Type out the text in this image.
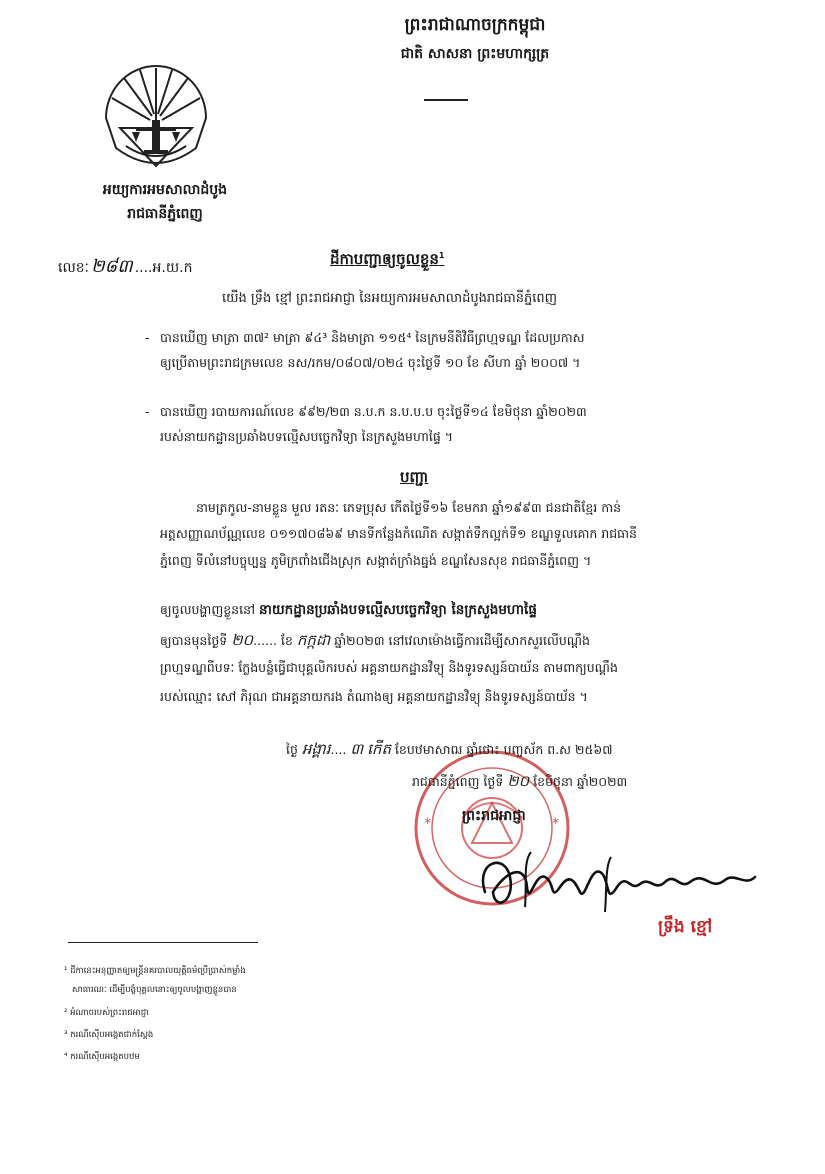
ព្រះរាជាណាចក្រកម្ពុជា
ជាតិ សាសនា ព្រះមហាក្សត្រ
អយ្យការអមសាលាដំបូង
រាជធានីភ្នំពេញ
លេខៈ ២៨៣ ....អ.យ.ក	ដីកាបញ្ជាឲ្យចូលខ្លួន$^1$
យើង ទ្រឹង ខ្មៅ ព្រះរាជអាជ្ញា នៃអយ្យការអមសាលាដំបូងរាជធានីភ្នំពេញ
- បានឃើញ មាត្រា ៣៧² មាត្រា ៩៤³ និងមាត្រា ១១៥⁴ នៃក្រមនីតិវិធីព្រហ្មទណ្ឌ ដែលប្រកាស
ឲ្យប្រើតាមព្រះរាជក្រមលេខ នស/រកម/០៨០៧/០២៤ ចុះថ្ងៃទី ១០ ខែ សីហា ឆ្នាំ ២០០៧ ។
- បានឃើញ របាយការណ៍លេខ ៩៩២/២៣ ន.ប.ក ន.ប.ប.ប ចុះថ្ងៃទី១៤ ខែមិថុនា ឆ្នាំ២០២៣
របស់នាយកដ្ឋានប្រឆាំងបទល្មើសបច្ចេកវិទ្យា នៃក្រសួងមហាផ្ទៃ ។
បញ្ជា
នាមត្រកូល-នាមខ្លួន មួល រតនៈ ភេទប្រុស កើតថ្ងៃទី១៦ ខែមករា ឆ្នាំ១៩៩៣ ជនជាតិខ្មែរ កាន់
អត្តសញ្ញាណប័ណ្ណលេខ ០១១៧០៨៦៩ មានទីកន្លែងកំណើត សង្កាត់ទឹកល្អក់ទី១ ខណ្ឌទួលគោក រាជធានី
ភ្នំពេញ ទីលំនៅបច្ចុប្បន្ន ភូមិក្រពាំងជើងស្រុក សង្កាត់ក្រាំងធ្នង់ ខណ្ឌសែនសុខ រាជធានីភ្នំពេញ ។
ឲ្យចូលបង្ហាញខ្លួននៅ នាយកដ្ឋានប្រឆាំងបទល្មើសបច្ចេកវិទ្យា នៃក្រសួងមហាផ្ទៃ
ឲ្យបានមុនថ្ងៃទី ២០...... ខែ កក្កដា ឆ្នាំ២០២៣ នៅវេលាម៉ោងធ្វើការដើម្បីសាកសួរលើបណ្ដឹង
ព្រហ្មទណ្ឌពីបទៈ ក្លែងបន្លំធ្វើជាបុគ្គលិករបស់ អគ្គនាយកដ្ឋានវិទ្យុ និងទូរទស្សន៍បាយ័ន តាមពាក្យបណ្ដឹង
របស់ឈ្មោះ សៅ ភិរុណ ជាអគ្គនាយករង តំណាងឲ្យ អគ្គនាយកដ្ឋានវិទ្យុ និងទូរទស្សន៍បាយ័ន ។
*	*
ថ្ងៃ អង្គារ.... ៣ កើត ខែបឋមាសាឍ ឆ្នាំថោះ បញ្ចស័ក ព.ស ២៥៦៧
រាជធានីភ្នំពេញ ថ្ងៃទី ២០ ខែមិថុនា ឆ្នាំ២០២៣
ព្រះរាជអាជ្ញា
ទ្រឹង ខ្មៅ
¹ ដីកានេះអនុញ្ញាតឲ្យមន្ត្រីនគរបាលយុត្តិធម៌ប្រើប្រាស់កម្លាំង
សាធារណៈ ដើម្បីបង្ខំបុគ្គលនោះឲ្យចូលបង្ហាញខ្លួនបាន
² អំណាចរបស់ព្រះរាជអាជ្ញា
³ ករណីស៊ើបអង្កេតជាក់ស្ដែង
⁴ ករណីស៊ើបអង្កេតបឋម
